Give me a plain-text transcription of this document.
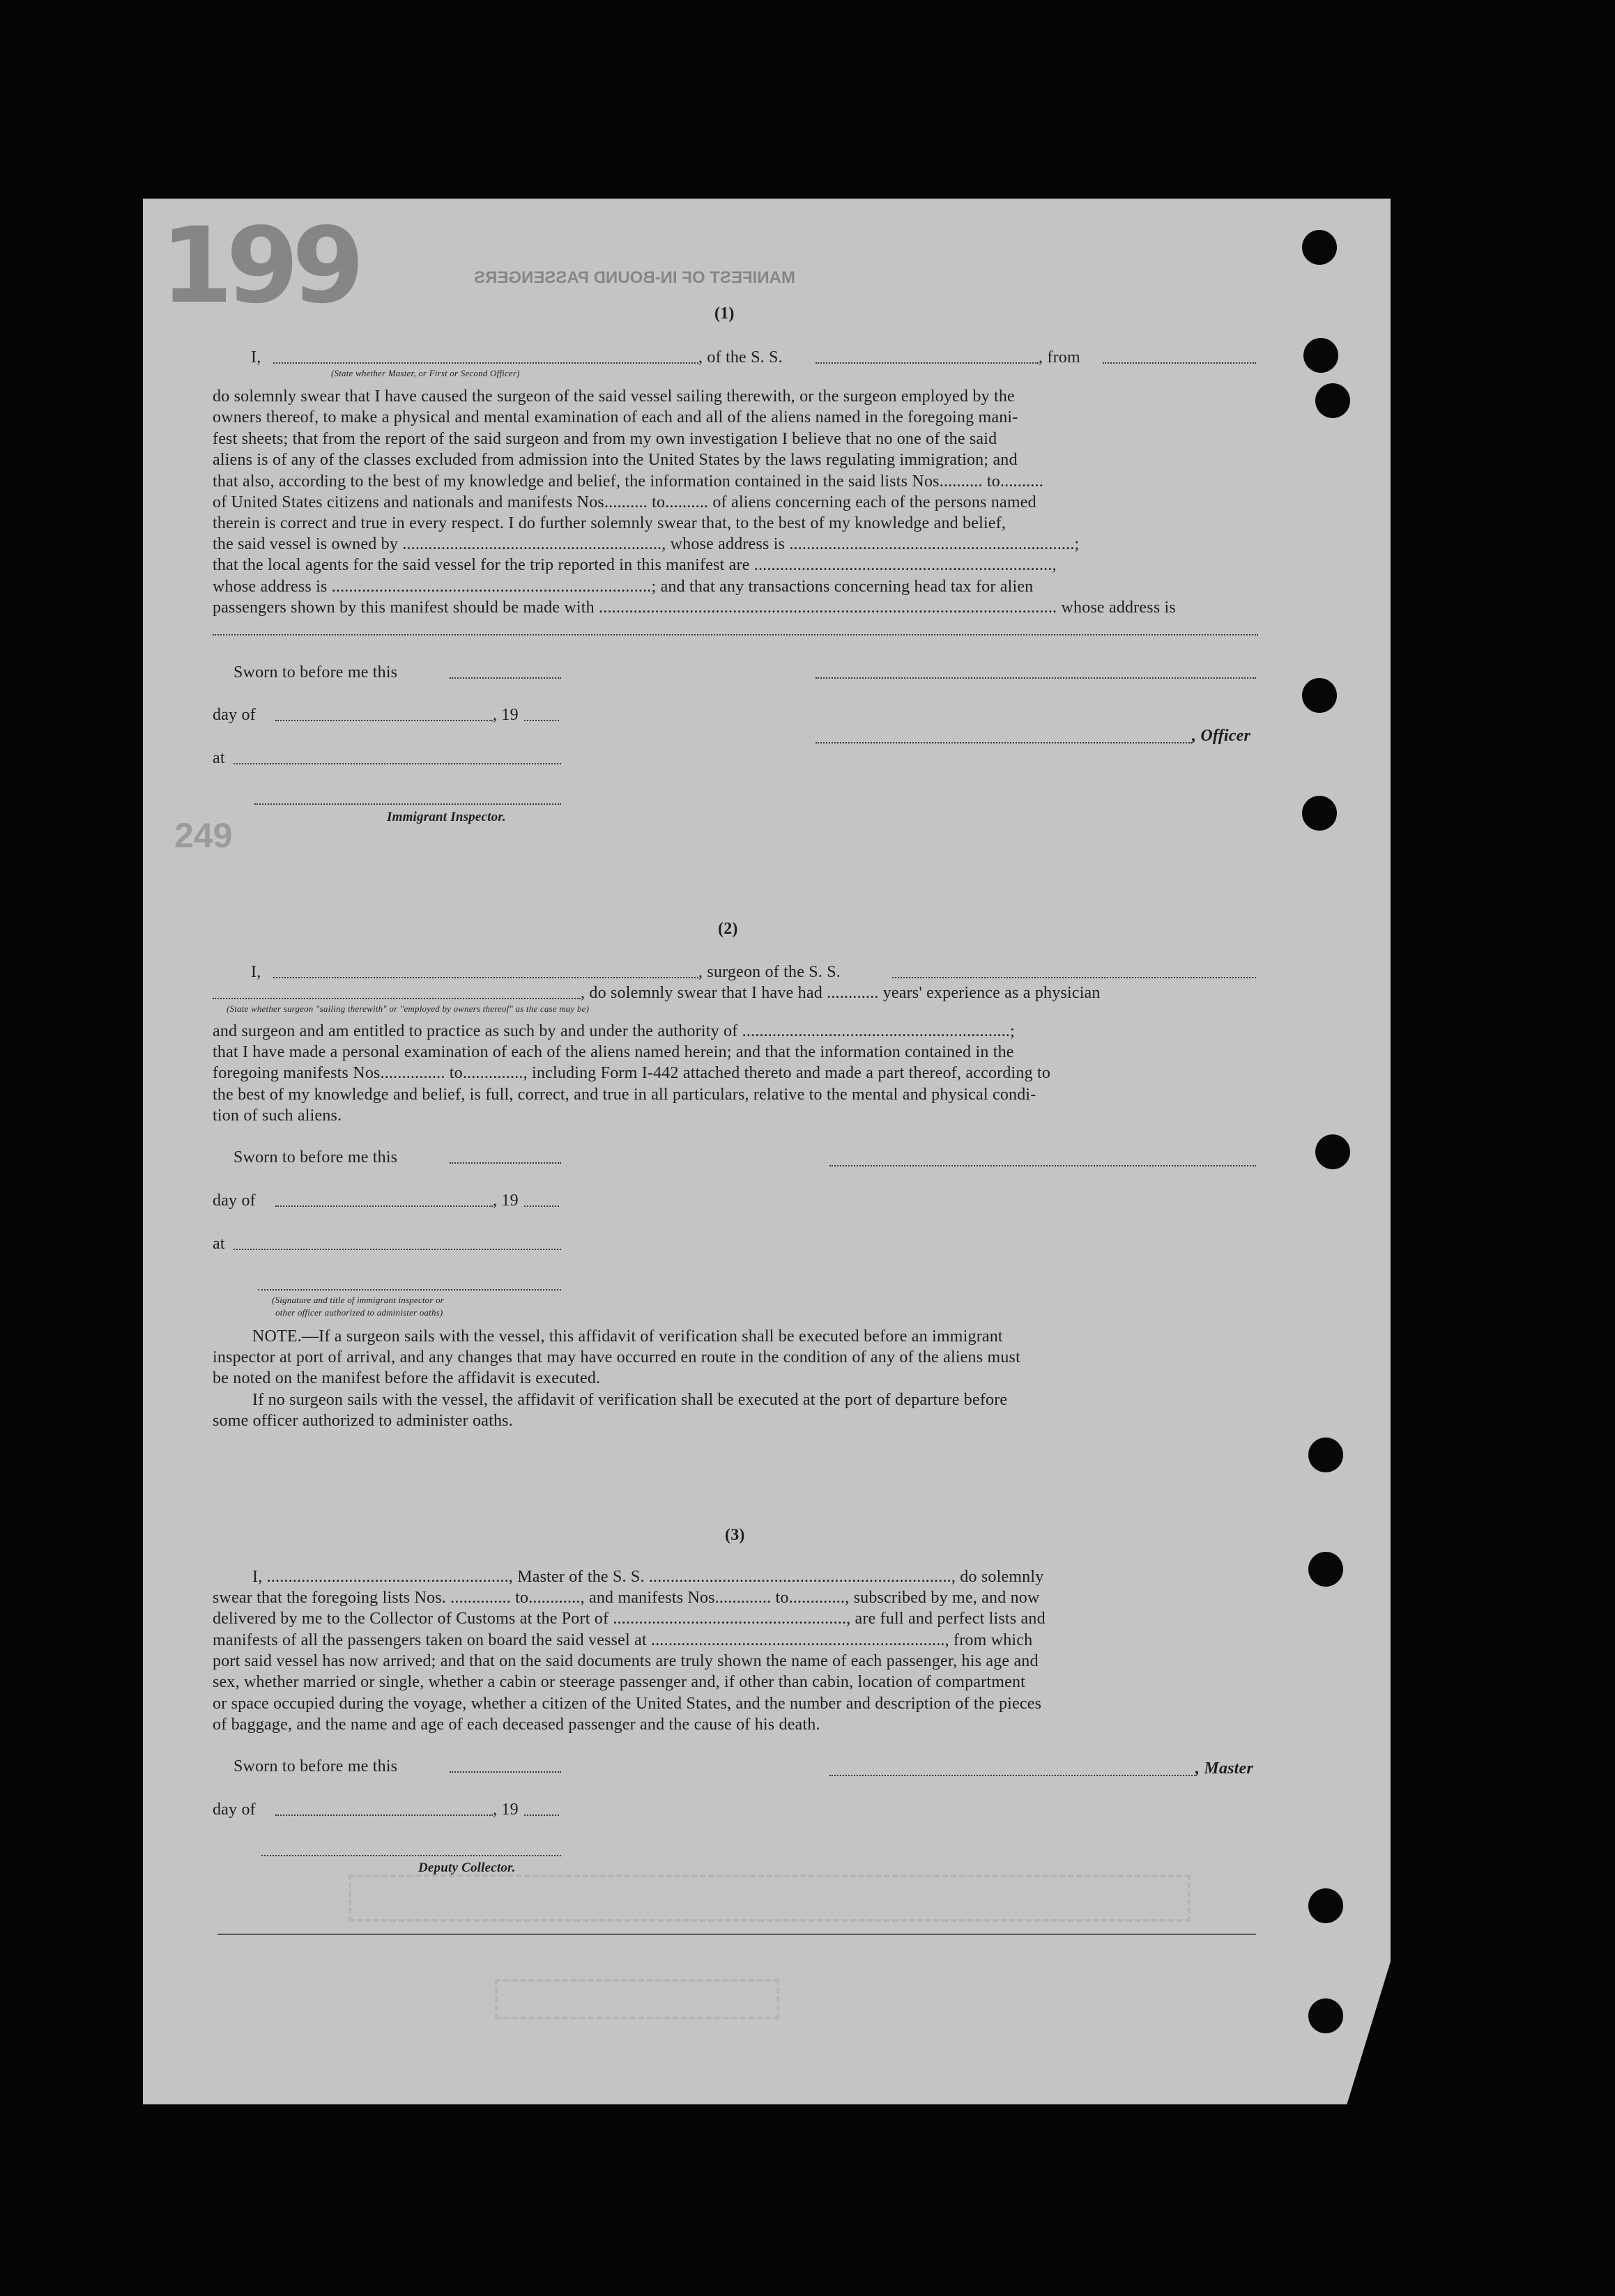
199	MANIFEST OF IN-BOUND PASSENGERS
249
(1)
I,	, of the S. S.	, from
(State whether Master, or First or Second Officer)
do solemnly swear that I have caused the surgeon of the said vessel sailing therewith, or the surgeon employed by the
owners thereof, to make a physical and mental examination of each and all of the aliens named in the foregoing mani-
fest sheets; that from the report of the said surgeon and from my own investigation I believe that no one of the said
aliens is of any of the classes excluded from admission into the United States by the laws regulating immigration; and
that also, according to the best of my knowledge and belief, the information contained in the said lists Nos.......... to..........
of United States citizens and nationals and manifests Nos.......... to.......... of aliens concerning each of the persons named
therein is correct and true in every respect. I do further solemnly swear that, to the best of my knowledge and belief,
the said vessel is owned by ............................................................, whose address is ..................................................................;
that the local agents for the said vessel for the trip reported in this manifest are .....................................................................,
whose address is ..........................................................................; and that any transactions concerning head tax for alien
passengers shown by this manifest should be made with .......................................................................................................... whose address is
Sworn to before me this
day of	, 19
, Officer
at
Immigrant Inspector.
(2)
I,	, surgeon of the S. S.
, do solemnly swear that I have had ............ years' experience as a physician
(State whether surgeon "sailing therewith" or "employed by owners thereof" as the case may be)
and surgeon and am entitled to practice as such by and under the authority of ..............................................................;
that I have made a personal examination of each of the aliens named herein; and that the information contained in the
foregoing manifests Nos............... to.............., including Form I-442 attached thereto and made a part thereof, according to
the best of my knowledge and belief, is full, correct, and true in all particulars, relative to the mental and physical condi-
tion of such aliens.
Sworn to before me this
day of	, 19
at
(Signature and title of immigrant inspector or
other officer authorized to administer oaths)
NOTE.—If a surgeon sails with the vessel, this affidavit of verification shall be executed before an immigrant
inspector at port of arrival, and any changes that may have occurred en route in the condition of any of the aliens must
be noted on the manifest before the affidavit is executed.
If no surgeon sails with the vessel, the affidavit of verification shall be executed at the port of departure before
some officer authorized to administer oaths.
(3)
I, ........................................................, Master of the S. S. ......................................................................, do solemnly
swear that the foregoing lists Nos. .............. to............, and manifests Nos............. to............., subscribed by me, and now
delivered by me to the Collector of Customs at the Port of ......................................................, are full and perfect lists and
manifests of all the passengers taken on board the said vessel at ...................................................................., from which
port said vessel has now arrived; and that on the said documents are truly shown the name of each passenger, his age and
sex, whether married or single, whether a cabin or steerage passenger and, if other than cabin, location of compartment
or space occupied during the voyage, whether a citizen of the United States, and the number and description of the pieces
of baggage, and the name and age of each deceased passenger and the cause of his death.
Sworn to before me this	, Master
day of	, 19
Deputy Collector.
